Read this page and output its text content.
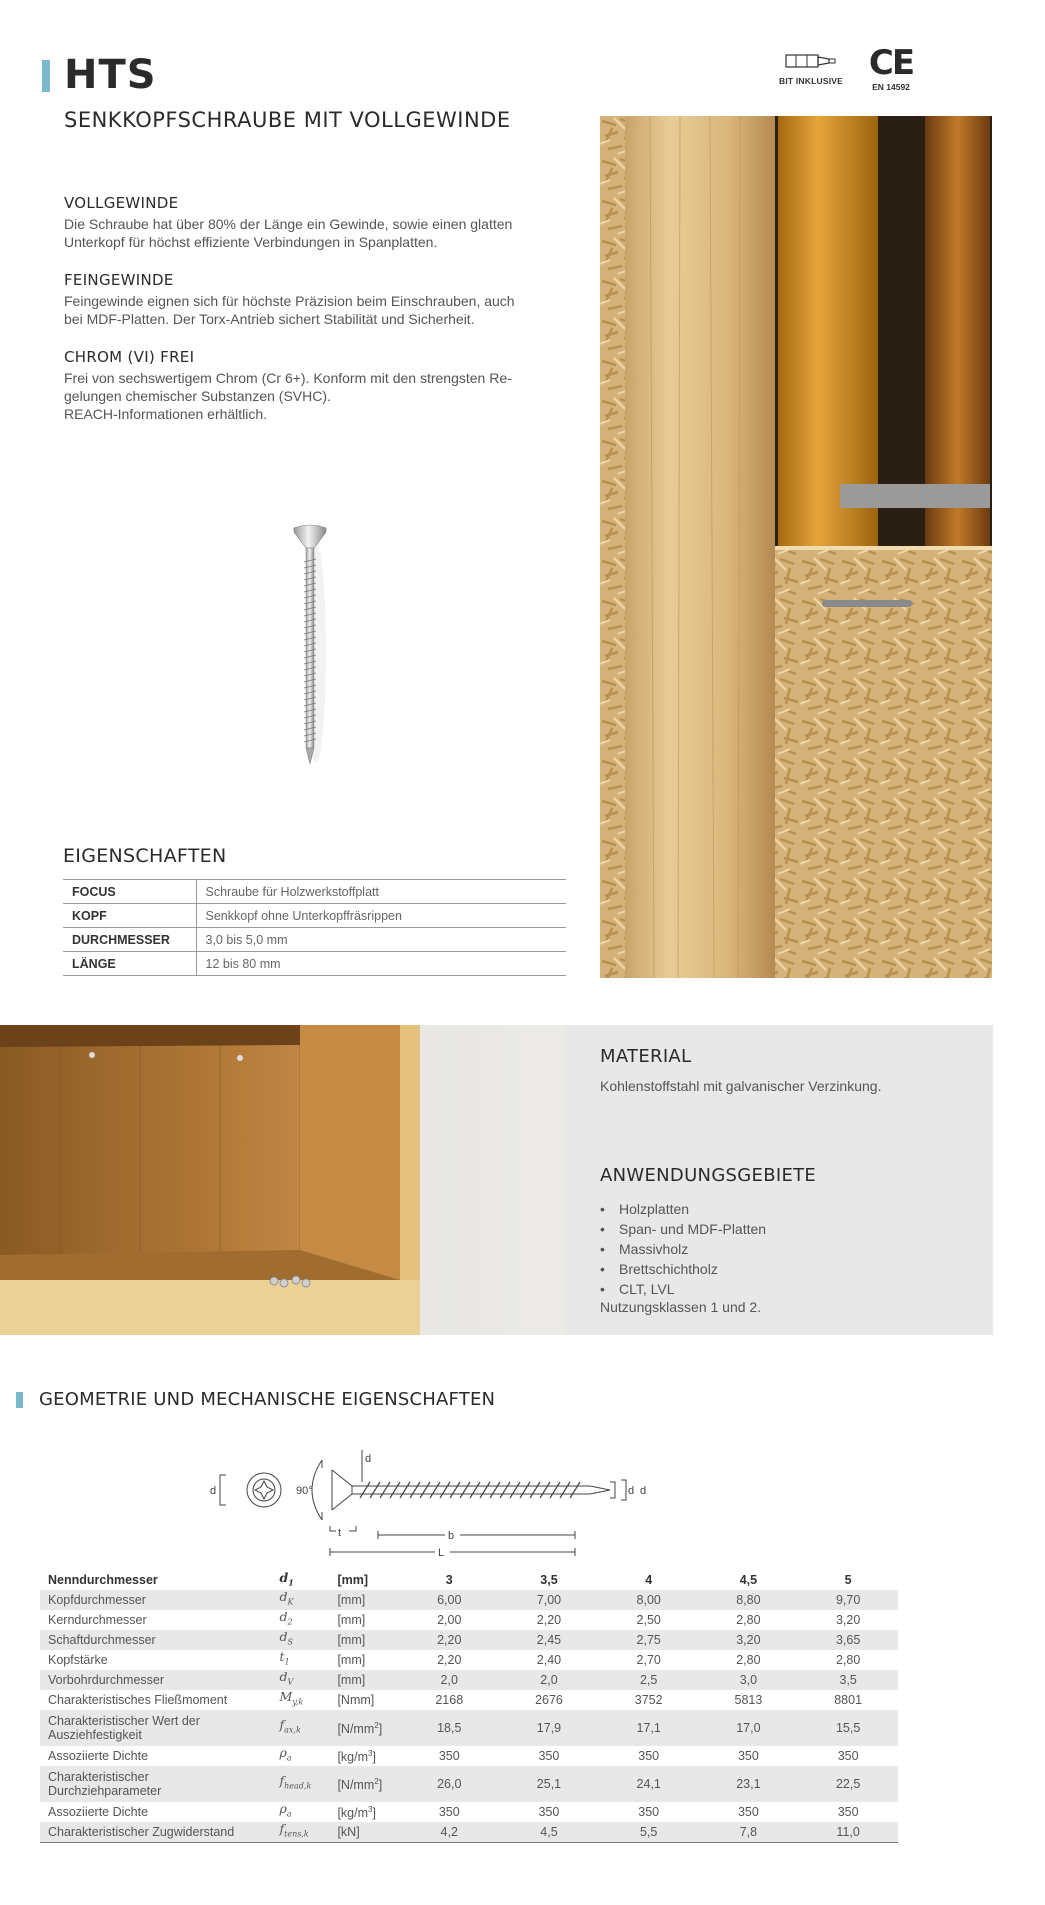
HTS
SENKKOPFSCHRAUBE MIT VOLLGEWINDE
BIT INKLUSIVE CE
EN 14592
VOLLGEWINDE

Die Schraube hat über 80% der Länge ein Gewinde, sowie einen glatten
Unterkopf für höchst effiziente Verbindungen in Spanplatten.

FEINGEWINDE

Feingewinde eignen sich für höchste Präzision beim Einschrauben, auch
bei MDF-Platten. Der Torx-Antrieb sichert Stabilität und Sicherheit.

CHROM (VI) FREI

Frei von sechswertigem Chrom (Cr 6+). Konform mit den strengsten Re-
gelungen chemischer Substanzen (SVHC).
REACH-Informationen erhältlich.

EIGENSCHAFTEN
FOCUS	Schraube für Holzwerkstoffplatt
KOPF	Senkkopf ohne Unterkopffräsrippen
DURCHMESSER	3,0 bis 5,0 mm
LÄNGE	12 bis 80 mm
MATERIAL
Kohlenstoffstahl mit galvanischer Verzinkung.
ANWENDUNGSGEBIETE
• Holzplatten
• Span- und MDF-Platten
• Massivholz
• Brettschichtholz
• CLT, LVL
Nutzungsklassen 1 und 2.
GEOMETRIE UND MECHANISCHE EIGENSCHAFTEN
d	90°
d
d d
t	b
L
Nenndurchmesser	$d_1$	[mm]	3	3,5	4	4,5	5
Kopfdurchmesser	$d_K$	[mm]	6,00	7,00	8,00	8,80	9,70
Kerndurchmesser	$d_2$	[mm]	2,00	2,20	2,50	2,80	3,20
Schaftdurchmesser	$d_S$	[mm]	2,20	2,45	2,75	3,20	3,65
Kopfstärke	$t_1$	[mm]	2,20	2,40	2,70	2,80	2,80
Vorbohrdurchmesser	$d_V$	[mm]	2,0	2,0	2,5	3,0	3,5
Charakteristisches Fließmoment	$M_{y,k}$	[Nmm]	2168	2676	3752	5813	8801
Charakteristischer Wert der Ausziehfestigkeit	$f_{ax,k}$	$[N/mm^2]$	18,5	17,9	17,1	17,0	15,5
Assoziierte Dichte	$\rho_a$	$[kg/m^3]$	350	350	350	350	350
Charakteristischer Durchziehparameter	$f_{head,k}$	$[N/mm^2]$	26,0	25,1	24,1	23,1	22,5
Assoziierte Dichte	$\rho_a$	$[kg/m^3]$	350	350	350	350	350
Charakteristischer Zugwiderstand	$f_{tens,k}$	[kN]	4,2	4,5	5,5	7,8	11,0
